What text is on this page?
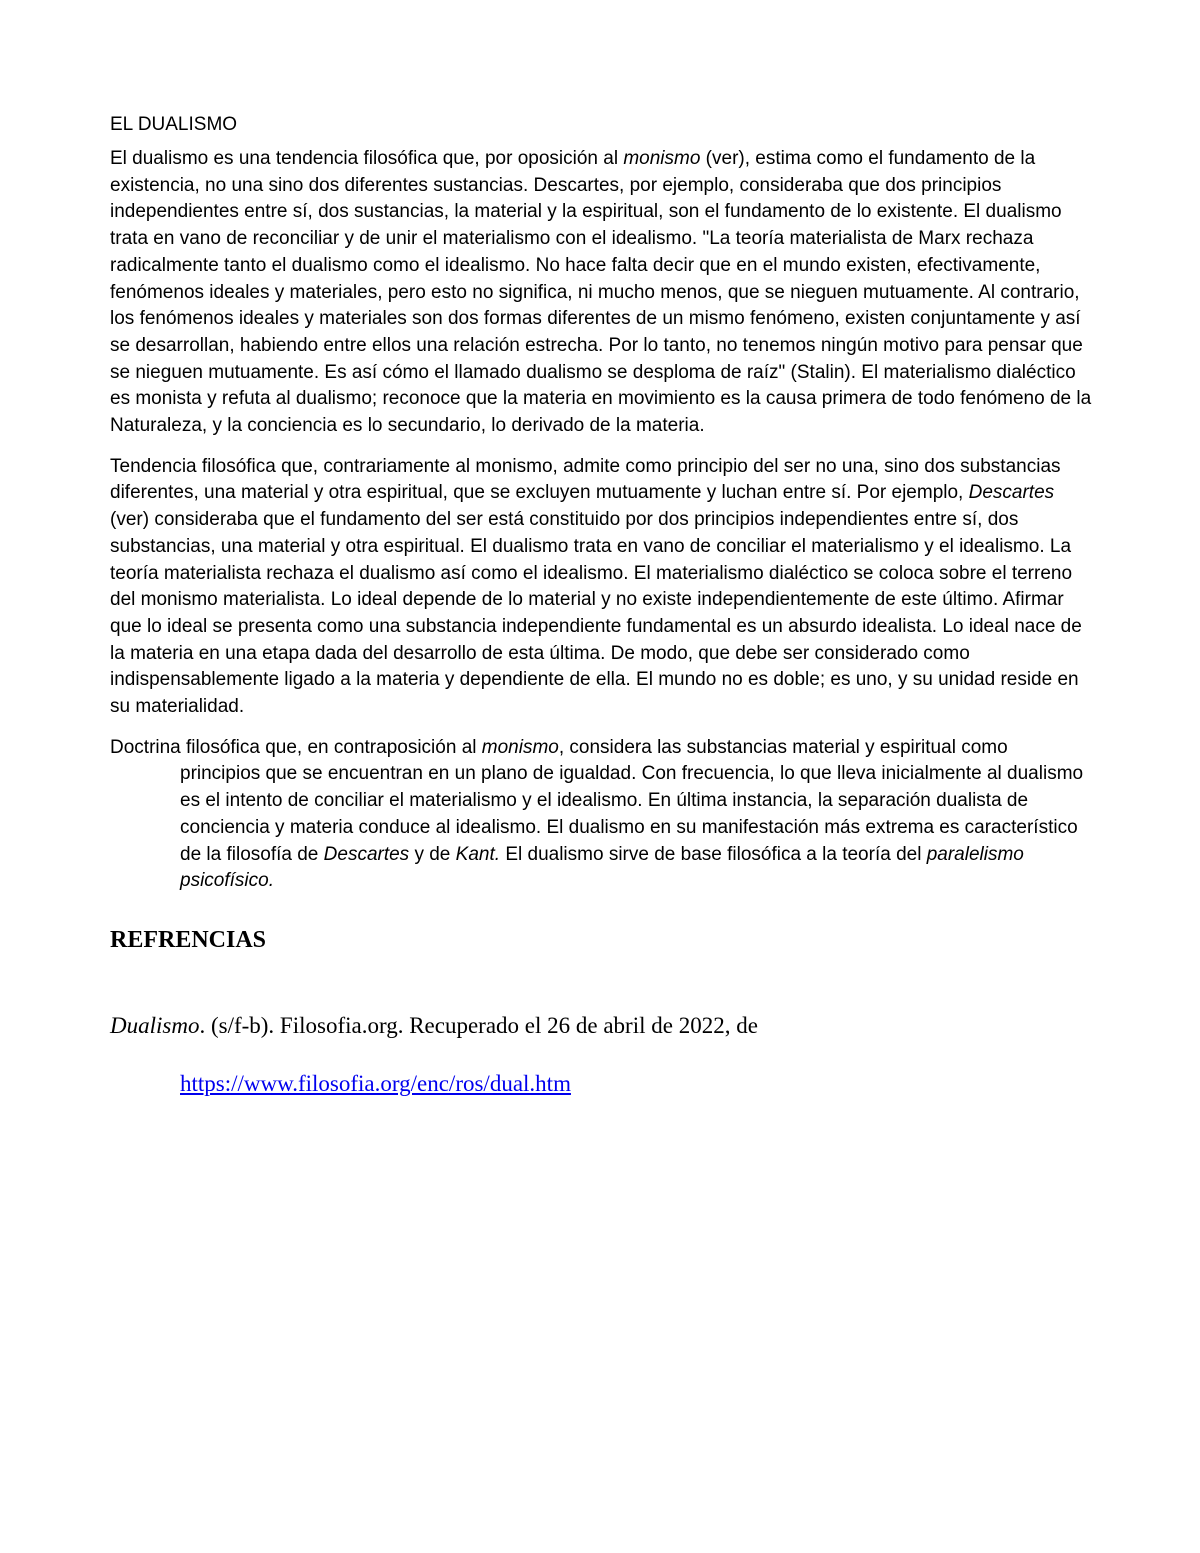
EL DUALISMO

El dualismo es una tendencia filosófica que, por oposición al monismo (ver), estima como el fundamento de la existencia, no una sino dos diferentes sustancias. Descartes, por ejemplo, consideraba que dos principios independientes entre sí, dos sustancias, la material y la espiritual, son el fundamento de lo existente. El dualismo trata en vano de reconciliar y de unir el materialismo con el idealismo. "La teoría materialista de Marx rechaza radicalmente tanto el dualismo como el idealismo. No hace falta decir que en el mundo existen, efectivamente, fenómenos ideales y materiales, pero esto no significa, ni mucho menos, que se nieguen mutuamente. Al contrario, los fenómenos ideales y materiales son dos formas diferentes de un mismo fenómeno, existen conjuntamente y así se desarrollan, habiendo entre ellos una relación estrecha. Por lo tanto, no tenemos ningún motivo para pensar que se nieguen mutuamente. Es así cómo el llamado dualismo se desploma de raíz" (Stalin). El materialismo dialéctico es monista y refuta al dualismo; reconoce que la materia en movimiento es la causa primera de todo fenómeno de la Naturaleza, y la conciencia es lo secundario, lo derivado de la materia.

Tendencia filosófica que, contrariamente al monismo, admite como principio del ser no una, sino dos substancias diferentes, una material y otra espiritual, que se excluyen mutuamente y luchan entre sí. Por ejemplo, Descartes (ver) consideraba que el fundamento del ser está constituido por dos principios independientes entre sí, dos substancias, una material y otra espiritual. El dualismo trata en vano de conciliar el materialismo y el idealismo. La teoría materialista rechaza el dualismo así como el idealismo. El materialismo dialéctico se coloca sobre el terreno del monismo materialista. Lo ideal depende de lo material y no existe independientemente de este último. Afirmar que lo ideal se presenta como una substancia independiente fundamental es un absurdo idealista. Lo ideal nace de la materia en una etapa dada del desarrollo de esta última. De modo, que debe ser considerado como indispensablemente ligado a la materia y dependiente de ella. El mundo no es doble; es uno, y su unidad reside en su materialidad.

Doctrina filosófica que, en contraposición al monismo, considera las substancias material y espiritual como principios que se encuentran en un plano de igualdad. Con frecuencia, lo que lleva inicialmente al dualismo es el intento de conciliar el materialismo y el idealismo. En última instancia, la separación dualista de conciencia y materia conduce al idealismo. El dualismo en su manifestación más extrema es característico de la filosofía de Descartes y de Kant. El dualismo sirve de base filosófica a la teoría del paralelismo psicofísico.

REFRENCIAS
Dualismo. (s/f-b). Filosofia.org. Recuperado el 26 de abril de 2022, de
https://www.filosofia.org/enc/ros/dual.htm
